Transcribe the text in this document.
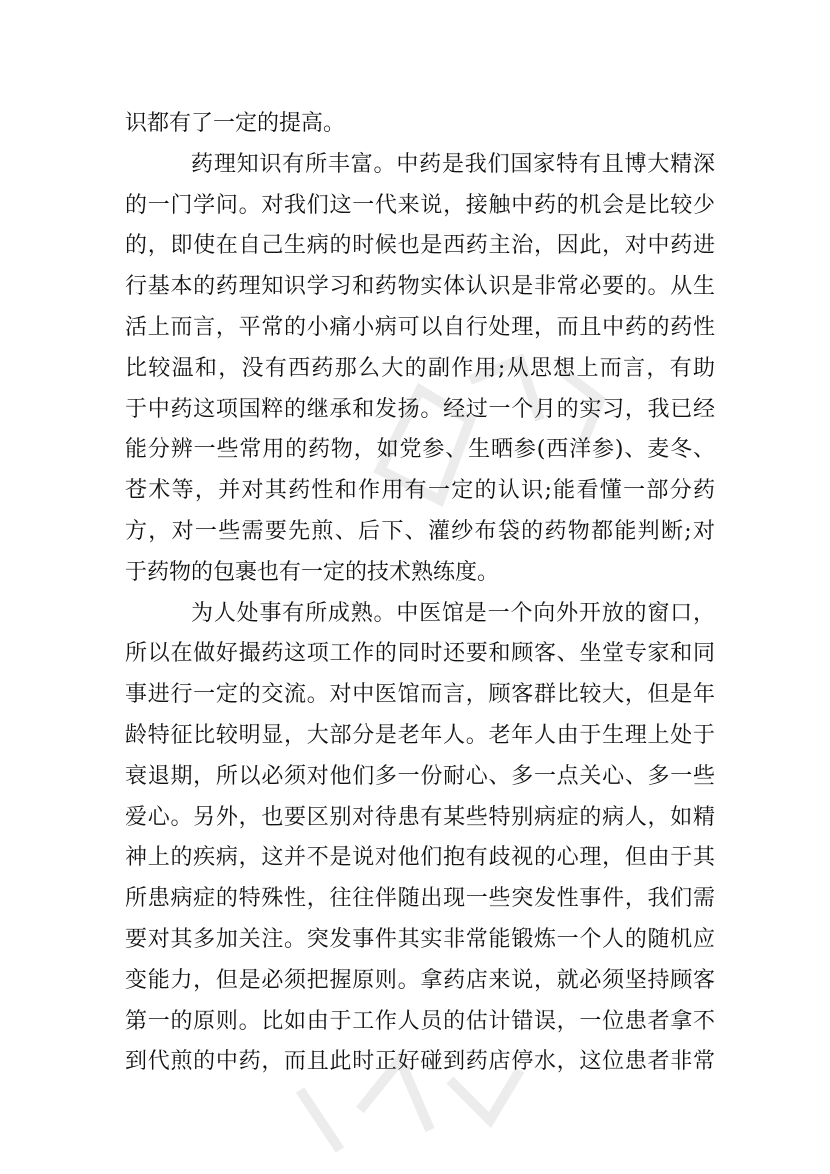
识都有了一定的提高。
药理知识有所丰富。中药是我们国家特有且博大精深
的一门学问。对我们这一代来说，接触中药的机会是比较少
的，即使在自己生病的时候也是西药主治，因此，对中药进
行基本的药理知识学习和药物实体认识是非常必要的。从生
活上而言，平常的小痛小病可以自行处理，而且中药的药性
比较温和，没有西药那么大的副作用;从思想上而言，有助
于中药这项国粹的继承和发扬。经过一个月的实习，我已经
能分辨一些常用的药物，如党参、生晒参(西洋参)、麦冬、
苍术等，并对其药性和作用有一定的认识;能看懂一部分药
方，对一些需要先煎、后下、灌纱布袋的药物都能判断;对
于药物的包裹也有一定的技术熟练度。
为人处事有所成熟。中医馆是一个向外开放的窗口，
所以在做好撮药这项工作的同时还要和顾客、坐堂专家和同
事进行一定的交流。对中医馆而言，顾客群比较大，但是年
龄特征比较明显，大部分是老年人。老年人由于生理上处于
衰退期，所以必须对他们多一份耐心、多一点关心、多一些
爱心。另外，也要区别对待患有某些特别病症的病人，如精
神上的疾病，这并不是说对他们抱有歧视的心理，但由于其
所患病症的特殊性，往往伴随出现一些突发性事件，我们需
要对其多加关注。突发事件其实非常能锻炼一个人的随机应
变能力，但是必须把握原则。拿药店来说，就必须坚持顾客
第一的原则。比如由于工作人员的估计错误，一位患者拿不
到代煎的中药，而且此时正好碰到药店停水，这位患者非常
